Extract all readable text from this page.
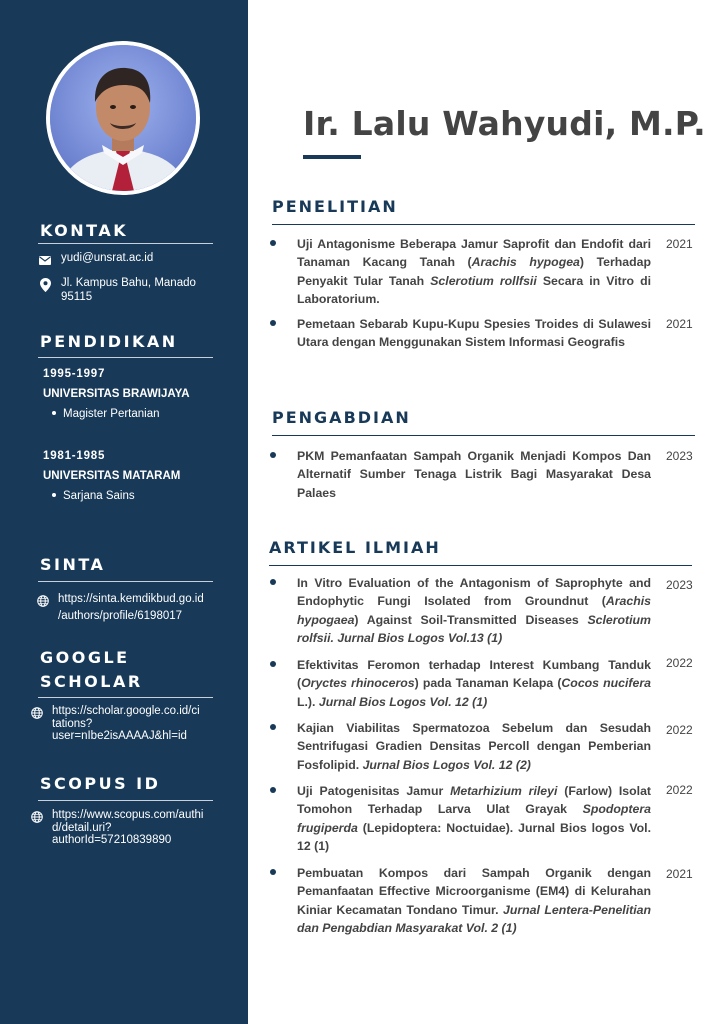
KONTAK
yudi@unsrat.ac.id
Jl. Kampus Bahu, Manado
95115
PENDIDIKAN
1995-1997
UNIVERSITAS BRAWIJAYA
Magister Pertanian
1981-1985
UNIVERSITAS MATARAM
Sarjana Sains
SINTA
https://sinta.kemdikbud.go.id
/authors/profile/6198017
GOOGLE
SCHOLAR
https://scholar.google.co.id/ci
tations?
user=nIbe2isAAAAJ&hl=id
SCOPUS ID
https://www.scopus.com/authi
d/detail.uri?
authorId=57210839890
Ir. Lalu Wahyudi, M.P.
PENELITIAN
Uji Antagonisme Beberapa Jamur Saprofit dan Endofit dari Tanaman Kacang Tanah (Arachis hypogea) Terhadap Penyakit Tular Tanah Sclerotium rollfsii Secara in Vitro di Laboratorium.
2021
Pemetaan Sebarab Kupu-Kupu Spesies Troides di Sulawesi Utara dengan Menggunakan Sistem Informasi Geografis
2021
PENGABDIAN
PKM Pemanfaatan Sampah Organik Menjadi Kompos Dan Alternatif Sumber Tenaga Listrik Bagi Masyarakat Desa Palaes
2023
ARTIKEL ILMIAH
In Vitro Evaluation of the Antagonism of Saprophyte and Endophytic Fungi Isolated from Groundnut (Arachis hypogaea) Against Soil-Transmitted Diseases Sclerotium rolfsii. Jurnal Bios Logos Vol.13 (1)
2023
Efektivitas Feromon terhadap Interest Kumbang Tanduk (Oryctes rhinoceros) pada Tanaman Kelapa (Cocos nucifera L.). Jurnal Bios Logos Vol. 12 (1)
2022
Kajian Viabilitas Spermatozoa Sebelum dan Sesudah Sentrifugasi Gradien Densitas Percoll dengan Pemberian Fosfolipid. Jurnal Bios Logos Vol. 12 (2)
2022
Uji Patogenisitas Jamur Metarhizium rileyi (Farlow) Isolat Tomohon Terhadap Larva Ulat Grayak Spodoptera frugiperda (Lepidoptera: Noctuidae). Jurnal Bios logos Vol. 12 (1)
2022
Pembuatan Kompos dari Sampah Organik dengan Pemanfaatan Effective Microorganisme (EM4) di Kelurahan Kiniar Kecamatan Tondano Timur. Jurnal Lentera-Penelitian dan Pengabdian Masyarakat Vol. 2 (1)
2021
